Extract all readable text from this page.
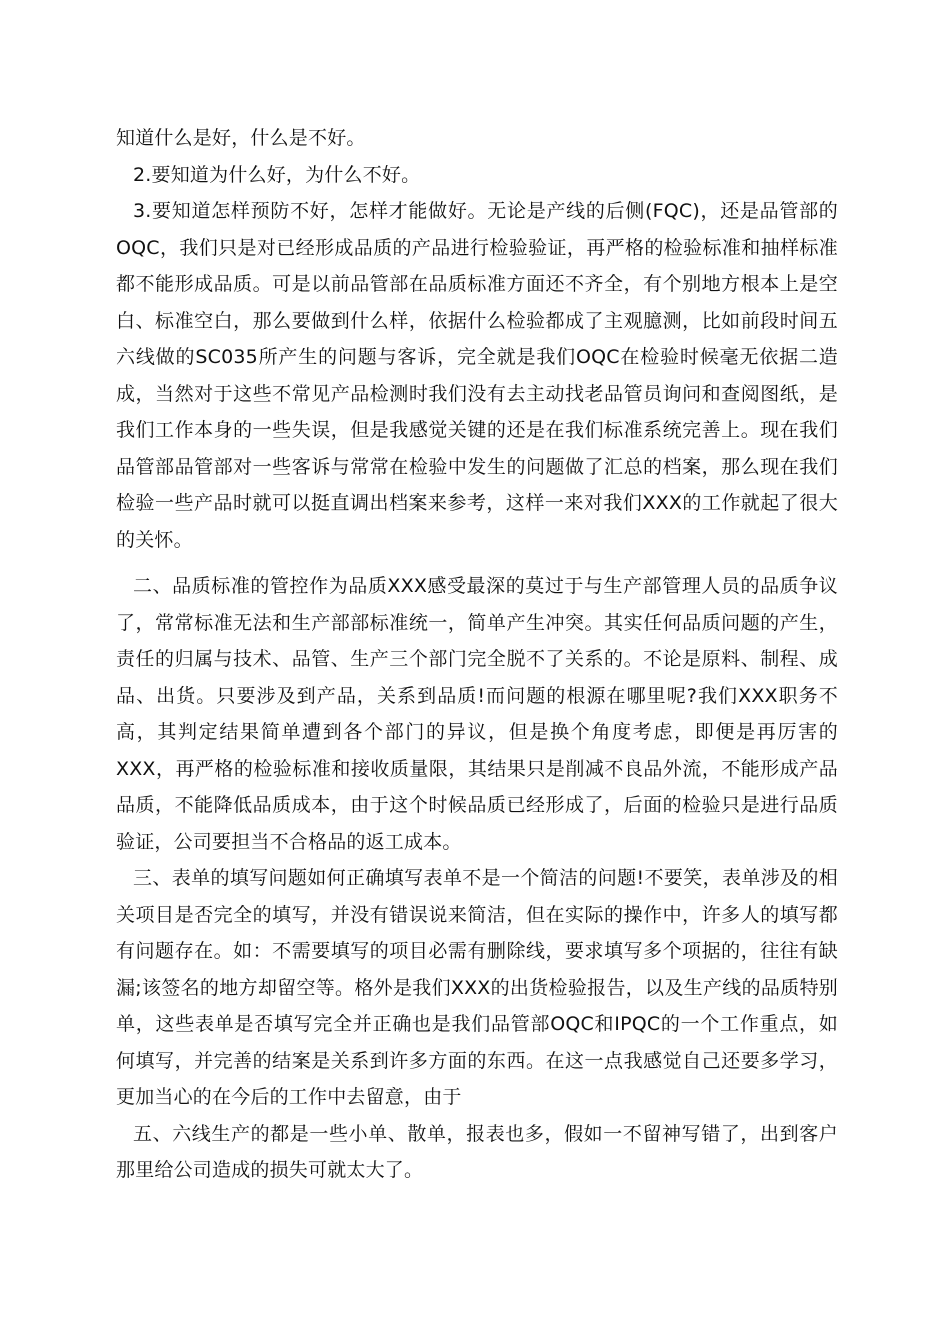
知道什么是好，什么是不好。

2.要知道为什么好，为什么不好。

3.要知道怎样预防不好，怎样才能做好。无论是产线的后侧(FQC)，还是品管部的OQC，我们只是对已经形成品质的产品进行检验验证，再严格的检验标准和抽样标准都不能形成品质。可是以前品管部在品质标准方面还不齐全，有个别地方根本上是空白、标准空白，那么要做到什么样，依据什么检验都成了主观臆测，比如前段时间五六线做的SC035所产生的问题与客诉，完全就是我们OQC在检验时候毫无依据二造成，当然对于这些不常见产品检测时我们没有去主动找老品管员询问和查阅图纸，是我们工作本身的一些失误，但是我感觉关键的还是在我们标准系统完善上。现在我们品管部品管部对一些客诉与常常在检验中发生的问题做了汇总的档案，那么现在我们检验一些产品时就可以挺直调出档案来参考，这样一来对我们XXX的工作就起了很大的关怀。

二、品质标准的管控作为品质XXX感受最深的莫过于与生产部管理人员的品质争议了，常常标准无法和生产部部标准统一，简单产生冲突。其实任何品质问题的产生，责任的归属与技术、品管、生产三个部门完全脱不了关系的。不论是原料、制程、成品、出货。只要涉及到产品，关系到品质!而问题的根源在哪里呢?我们XXX职务不高，其判定结果简单遭到各个部门的异议，但是换个角度考虑，即便是再厉害的XXX，再严格的检验标准和接收质量限，其结果只是削减不良品外流，不能形成产品品质，不能降低品质成本，由于这个时候品质已经形成了，后面的检验只是进行品质验证，公司要担当不合格品的返工成本。

三、表单的填写问题如何正确填写表单不是一个简洁的问题!不要笑，表单涉及的相关项目是否完全的填写，并没有错误说来简洁，但在实际的操作中，许多人的填写都有问题存在。如：不需要填写的项目必需有删除线，要求填写多个项据的，往往有缺漏;该签名的地方却留空等。格外是我们XXX的出货检验报告，以及生产线的品质特别单，这些表单是否填写完全并正确也是我们品管部OQC和IPQC的一个工作重点，如何填写，并完善的结案是关系到许多方面的东西。在这一点我感觉自己还要多学习，更加当心的在今后的工作中去留意，由于

五、六线生产的都是一些小单、散单，报表也多，假如一不留神写错了，出到客户那里给公司造成的损失可就太大了。
